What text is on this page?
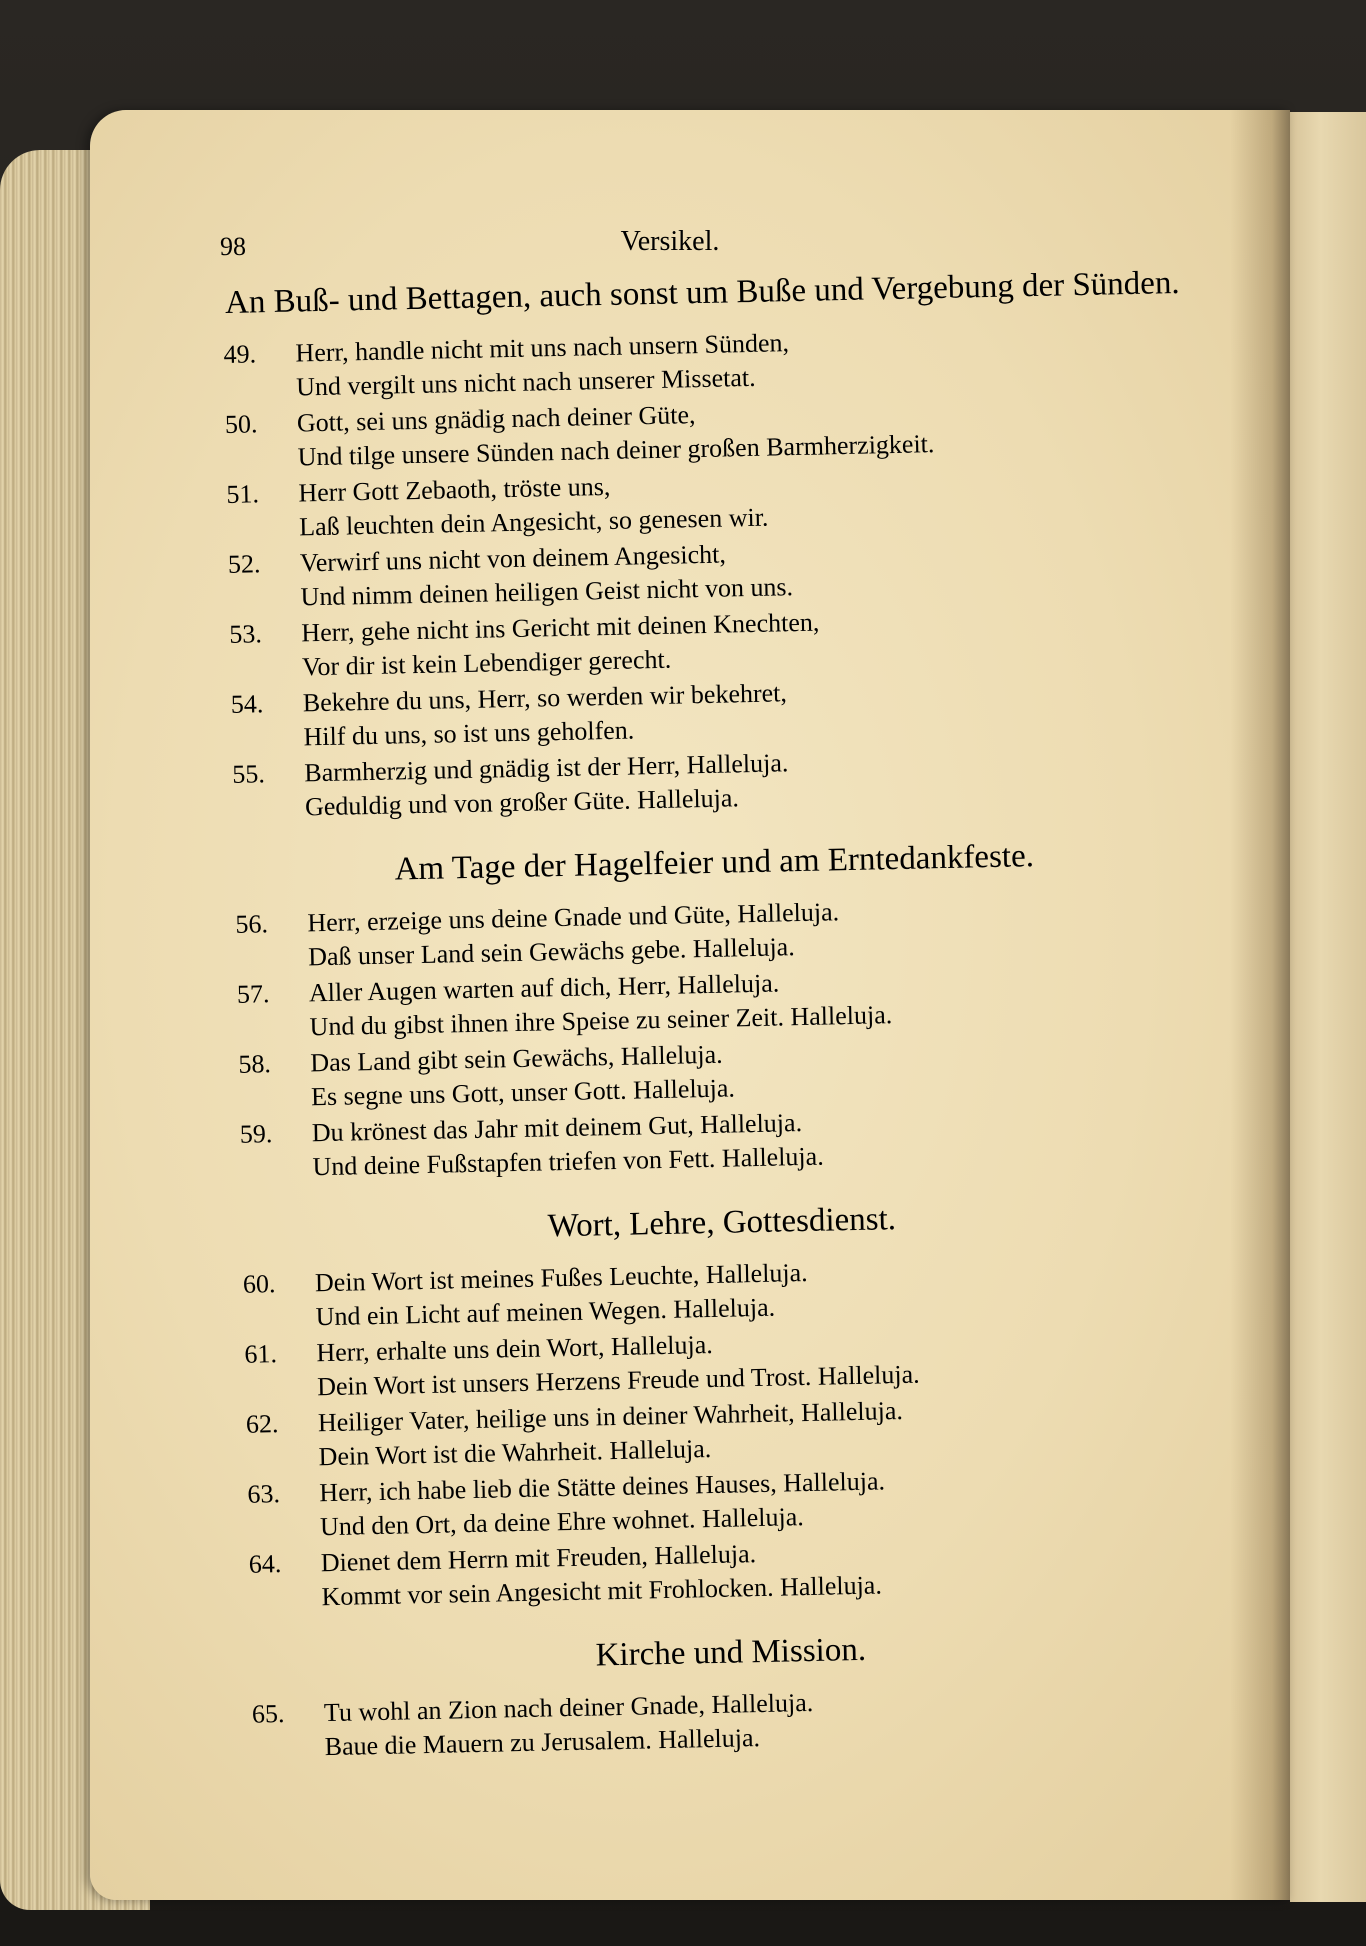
98	Versikel.
An Buß- und Bettagen, auch sonst um Buße und Vergebung der Sünden.
49.	Herr, handle nicht mit uns nach unsern Sünden,
Und vergilt uns nicht nach unserer Missetat.
50.	Gott, sei uns gnädig nach deiner Güte,
Und tilge unsere Sünden nach deiner großen Barmherzigkeit.
51.	Herr Gott Zebaoth, tröste uns,
Laß leuchten dein Angesicht, so genesen wir.
52.	Verwirf uns nicht von deinem Angesicht,
Und nimm deinen heiligen Geist nicht von uns.
53.	Herr, gehe nicht ins Gericht mit deinen Knechten,
Vor dir ist kein Lebendiger gerecht.
54.	Bekehre du uns, Herr, so werden wir bekehret,
Hilf du uns, so ist uns geholfen.
55.	Barmherzig und gnädig ist der Herr, Halleluja.
Geduldig und von großer Güte. Halleluja.
Am Tage der Hagelfeier und am Erntedankfeste.
56.	Herr, erzeige uns deine Gnade und Güte, Halleluja.
Daß unser Land sein Gewächs gebe. Halleluja.
57.	Aller Augen warten auf dich, Herr, Halleluja.
Und du gibst ihnen ihre Speise zu seiner Zeit. Halleluja.
58.	Das Land gibt sein Gewächs, Halleluja.
Es segne uns Gott, unser Gott. Halleluja.
59.	Du krönest das Jahr mit deinem Gut, Halleluja.
Und deine Fußstapfen triefen von Fett. Halleluja.
Wort, Lehre, Gottesdienst.
60.	Dein Wort ist meines Fußes Leuchte, Halleluja.
Und ein Licht auf meinen Wegen. Halleluja.
61.	Herr, erhalte uns dein Wort, Halleluja.
Dein Wort ist unsers Herzens Freude und Trost. Halleluja.
62.	Heiliger Vater, heilige uns in deiner Wahrheit, Halleluja.
Dein Wort ist die Wahrheit. Halleluja.
63.	Herr, ich habe lieb die Stätte deines Hauses, Halleluja.
Und den Ort, da deine Ehre wohnet. Halleluja.
64.	Dienet dem Herrn mit Freuden, Halleluja.
Kommt vor sein Angesicht mit Frohlocken. Halleluja.
Kirche und Mission.
65.	Tu wohl an Zion nach deiner Gnade, Halleluja.
Baue die Mauern zu Jerusalem. Halleluja.
